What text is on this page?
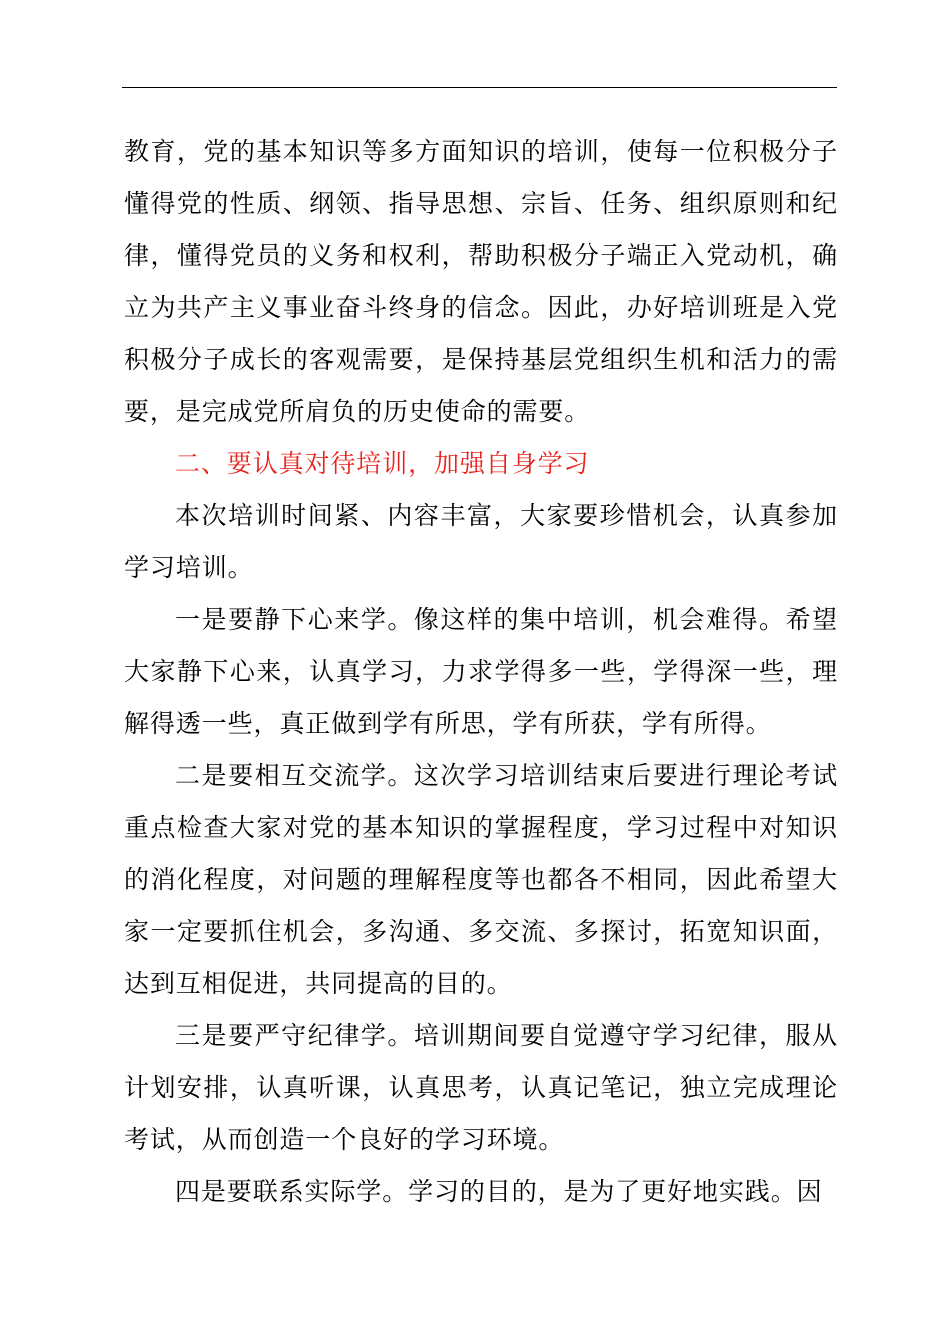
教育，党的基本知识等多方面知识的培训，使每一位积极分子懂得党的性质、纲领、指导思想、宗旨、任务、组织原则和纪律，懂得党员的义务和权利，帮助积极分子端正入党动机，确立为共产主义事业奋斗终身的信念。因此，办好培训班是入党积极分子成长的客观需要，是保持基层党组织生机和活力的需要，是完成党所肩负的历史使命的需要。

二、要认真对待培训，加强自身学习

本次培训时间紧、内容丰富，大家要珍惜机会，认真参加学习培训。

一是要静下心来学。像这样的集中培训，机会难得。希望大家静下心来，认真学习，力求学得多一些，学得深一些，理解得透一些，真正做到学有所思，学有所获，学有所得。

二是要相互交流学。这次学习培训结束后要进行理论考试重点检查大家对党的基本知识的掌握程度，学习过程中对知识的消化程度，对问题的理解程度等也都各不相同，因此希望大家一定要抓住机会，多沟通、多交流、多探讨，拓宽知识面，达到互相促进，共同提高的目的。

三是要严守纪律学。培训期间要自觉遵守学习纪律，服从计划安排，认真听课，认真思考，认真记笔记，独立完成理论考试，从而创造一个良好的学习环境。

四是要联系实际学。学习的目的，是为了更好地实践。因
